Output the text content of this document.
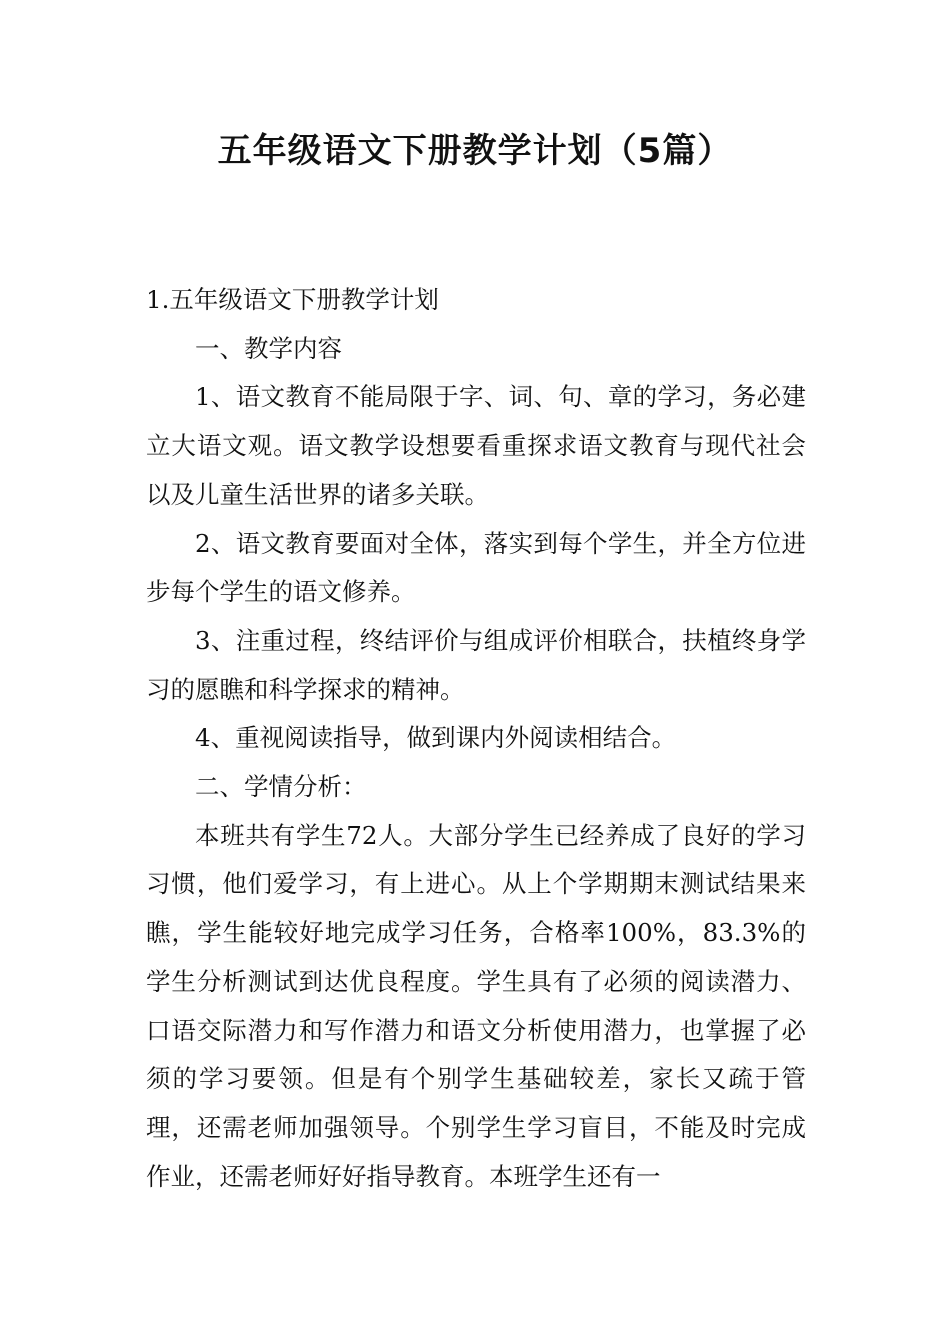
五年级语文下册教学计划（5篇）

1.五年级语文下册教学计划

一、教学内容

1、语文教育不能局限于字、词、句、章的学习，务必建立大语文观。语文教学设想要看重探求语文教育与现代社会以及儿童生活世界的诸多关联。

2、语文教育要面对全体，落实到每个学生，并全方位进步每个学生的语文修养。

3、注重过程，终结评价与组成评价相联合，扶植终身学习的愿瞧和科学探求的精神。

4、重视阅读指导，做到课内外阅读相结合。

二、学情分析：

本班共有学生72人。大部分学生已经养成了良好的学习习惯，他们爱学习，有上进心。从上个学期期末测试结果来瞧，学生能较好地完成学习任务，合格率100%，83.3%的学生分析测试到达优良程度。学生具有了必须的阅读潜力、口语交际潜力和写作潜力和语文分析使用潜力，也掌握了必须的学习要领。但是有个别学生基础较差，家长又疏于管理，还需老师加强领导。个别学生学习盲目，不能及时完成作业，还需老师好好指导教育。本班学生还有一
